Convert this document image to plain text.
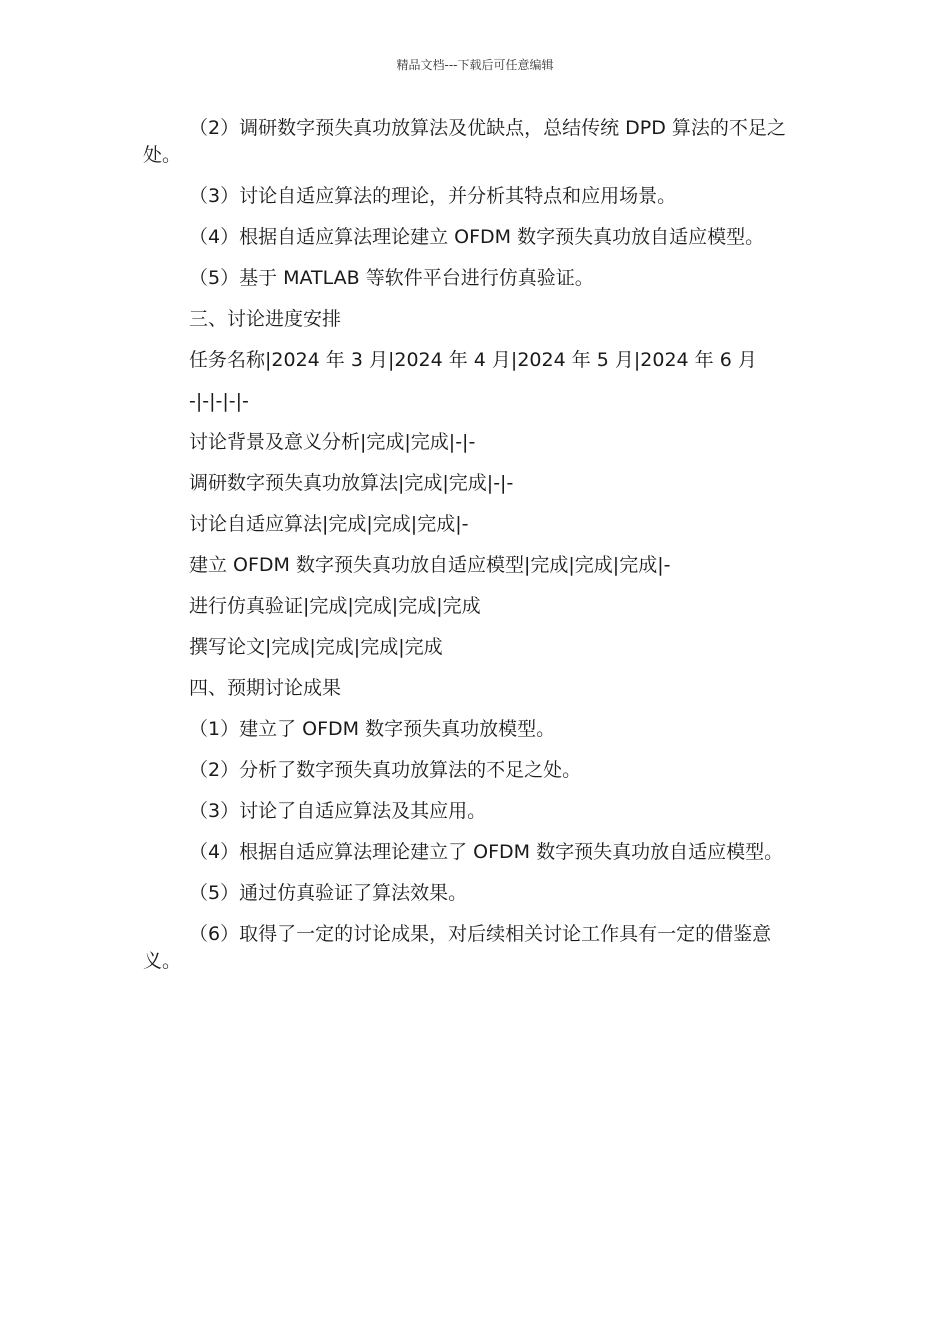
精品文档---下载后可任意编辑

（2）调研数字预失真功放算法及优缺点，总结传统 DPD 算法的不足之处。

（3）讨论自适应算法的理论，并分析其特点和应用场景。

（4）根据自适应算法理论建立 OFDM 数字预失真功放自适应模型。

（5）基于 MATLAB 等软件平台进行仿真验证。

三、讨论进度安排

任务名称|2024 年 3 月|2024 年 4 月|2024 年 5 月|2024 年 6 月

-|-|-|-|-

讨论背景及意义分析|完成|完成|-|-

调研数字预失真功放算法|完成|完成|-|-

讨论自适应算法|完成|完成|完成|-

建立 OFDM 数字预失真功放自适应模型|完成|完成|完成|-

进行仿真验证|完成|完成|完成|完成

撰写论文|完成|完成|完成|完成

四、预期讨论成果

（1）建立了 OFDM 数字预失真功放模型。

（2）分析了数字预失真功放算法的不足之处。

（3）讨论了自适应算法及其应用。

（4）根据自适应算法理论建立了 OFDM 数字预失真功放自适应模型。

（5）通过仿真验证了算法效果。

（6）取得了一定的讨论成果，对后续相关讨论工作具有一定的借鉴意义。
